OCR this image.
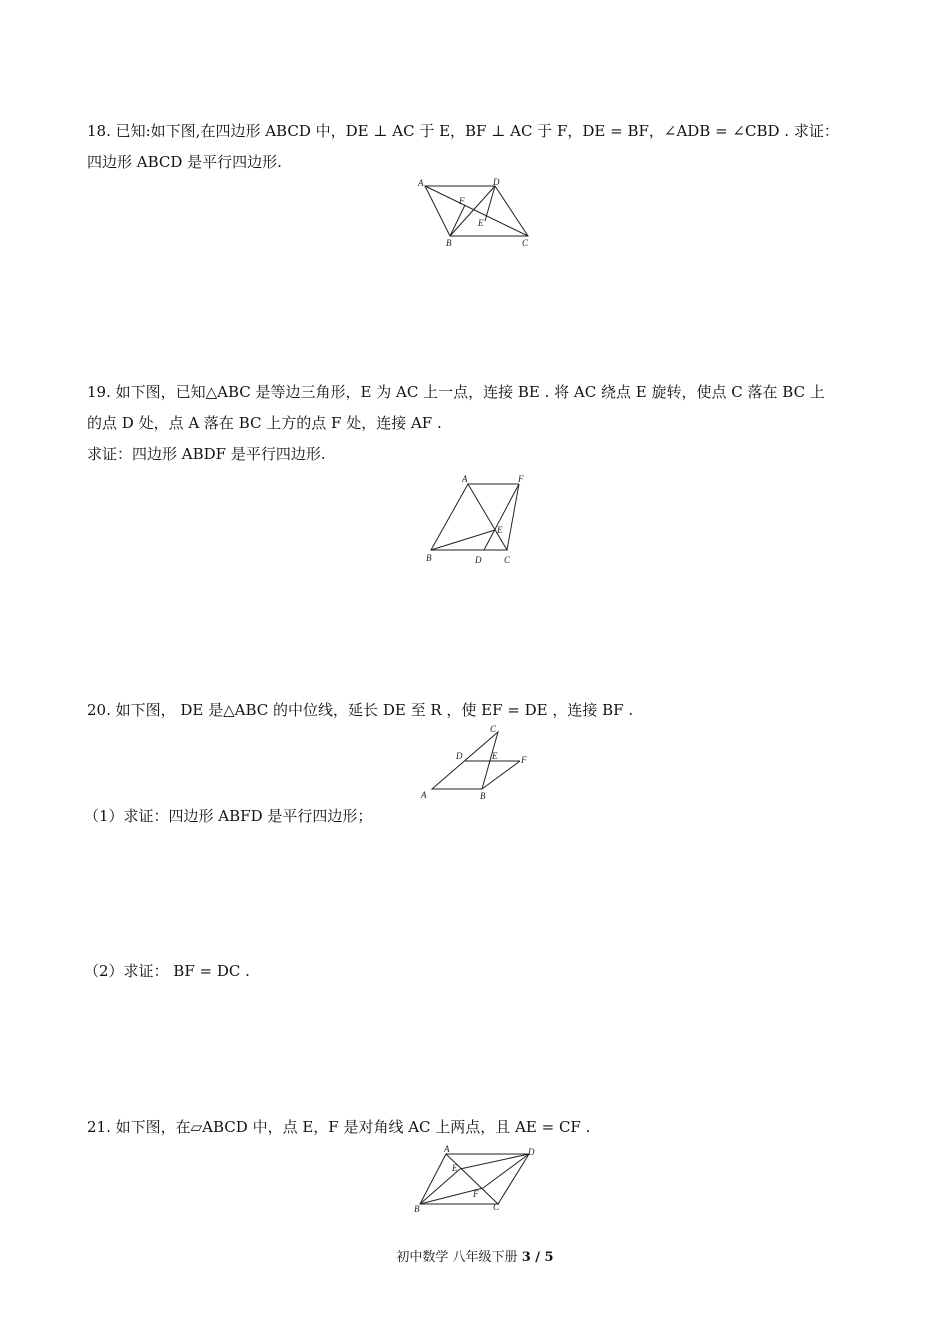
18. 已知:如下图,在四边形 ABCD 中，DE ⊥ AC 于 E，BF ⊥ AC 于 F，DE = BF，∠ADB = ∠CBD . 求证：
四边形 ABCD 是平行四边形.
A	D
F
E
B	C
19. 如下图，已知△ABC 是等边三角形，E 为 AC 上一点，连接 BE . 将 AC 绕点 E 旋转，使点 C 落在 BC 上
的点 D 处，点 A 落在 BC 上方的点 F 处，连接 AF .
求证：四边形 ABDF 是平行四边形.
A	F
E
B	D	C
20. 如下图， DE 是△ABC 的中位线，延长 DE 至 R ，使 EF = DE ，连接 BF .
C
D	E	F
A	B
（1）求证：四边形 ABFD 是平行四边形；
（2）求证： BF = DC .
21. 如下图，在▱ABCD 中，点 E，F 是对角线 AC 上两点，且 AE = CF .
A	D
E
F
B	C
初中数学 八年级下册 3 / 5
